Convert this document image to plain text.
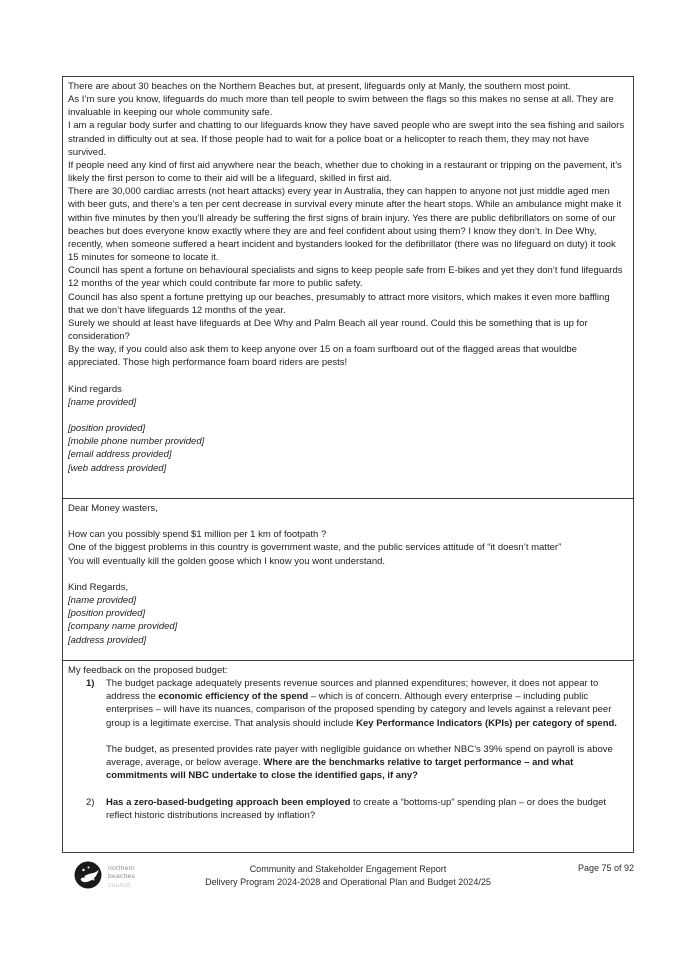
There are about 30 beaches on the Northern Beaches but, at present, lifeguards only at Manly, the southern most point.
As I’m sure you know, lifeguards do much more than tell people to swim between the flags so this makes no sense at all. They are invaluable in keeping our whole community safe.
I am a regular body surfer and chatting to our lifeguards know they have saved people who are swept into the sea fishing and sailors stranded in difficulty out at sea. If those people had to wait for a police boat or a helicopter to reach them, they may not have survived.
If people need any kind of first aid anywhere near the beach, whether due to choking in a restaurant or tripping on the pavement, it’s likely the first person to come to their aid will be a lifeguard, skilled in first aid.
There are 30,000 cardiac arrests (not heart attacks) every year in Australia, they can happen to anyone not just middle aged men with beer guts, and there’s a ten per cent decrease in survival every minute after the heart stops. While an ambulance might make it within five minutes by then you’ll already be suffering the first signs of brain injury. Yes there are public defibrillators on some of our beaches but does everyone know exactly where they are and feel confident about using them? I know they don’t. In Dee Why, recently, when someone suffered a heart incident and bystanders looked for the defibrillator (there was no lifeguard on duty) it took 15 minutes for someone to locate it.
Council has spent a fortune on behavioural specialists and signs to keep people safe from E-bikes and yet they don’t fund lifeguards 12 months of the year which could contribute far more to public safety.
Council has also spent a fortune prettying up our beaches, presumably to attract more visitors, which makes it even more baffling that we don’t have lifeguards 12 months of the year.
Surely we should at least have lifeguards at Dee Why and Palm Beach all year round. Could this be something that is up for consideration?
By the way, if you could also ask them to keep anyone over 15 on a foam surfboard out of the flagged areas that wouldbe appreciated. Those high performance foam board riders are pests!
Kind regards
[name provided]
[position provided]
[mobile phone number provided]
[email address provided]
[web address provided]
Dear Money wasters,
How can you possibly spend $1 million per 1 km of footpath ?
One of the biggest problems in this country is government waste, and the public services attitude of “it doesn’t matter”
You will eventually kill the golden goose which I know you wont understand.
Kind Regards,
[name provided]
[position provided]
[company name provided]
[address provided]
My feedback on the proposed budget:
1)	The budget package adequately presents revenue sources and planned expenditures; however, it does not appear to address the economic efficiency of the spend – which is of concern. Although every enterprise – including public enterprises – will have its nuances, comparison of the proposed spending by category and levels against a relevant peer group is a legitimate exercise. That analysis should include Key Performance Indicators (KPIs) per category of spend.
The budget, as presented provides rate payer with negligible guidance on whether NBC’s 39% spend on payroll is above average, average, or below average. Where are the benchmarks relative to target performance – and what commitments will NBC undertake to close the identified gaps, if any?
2)	Has a zero-based-budgeting approach been employed to create a “bottoms-up” spending plan – or does the budget reflect historic distributions increased by inflation?
northern
beaches
council
Community and Stakeholder Engagement Report
Delivery Program 2024-2028 and Operational Plan and Budget 2024/25
Page 75 of 92
